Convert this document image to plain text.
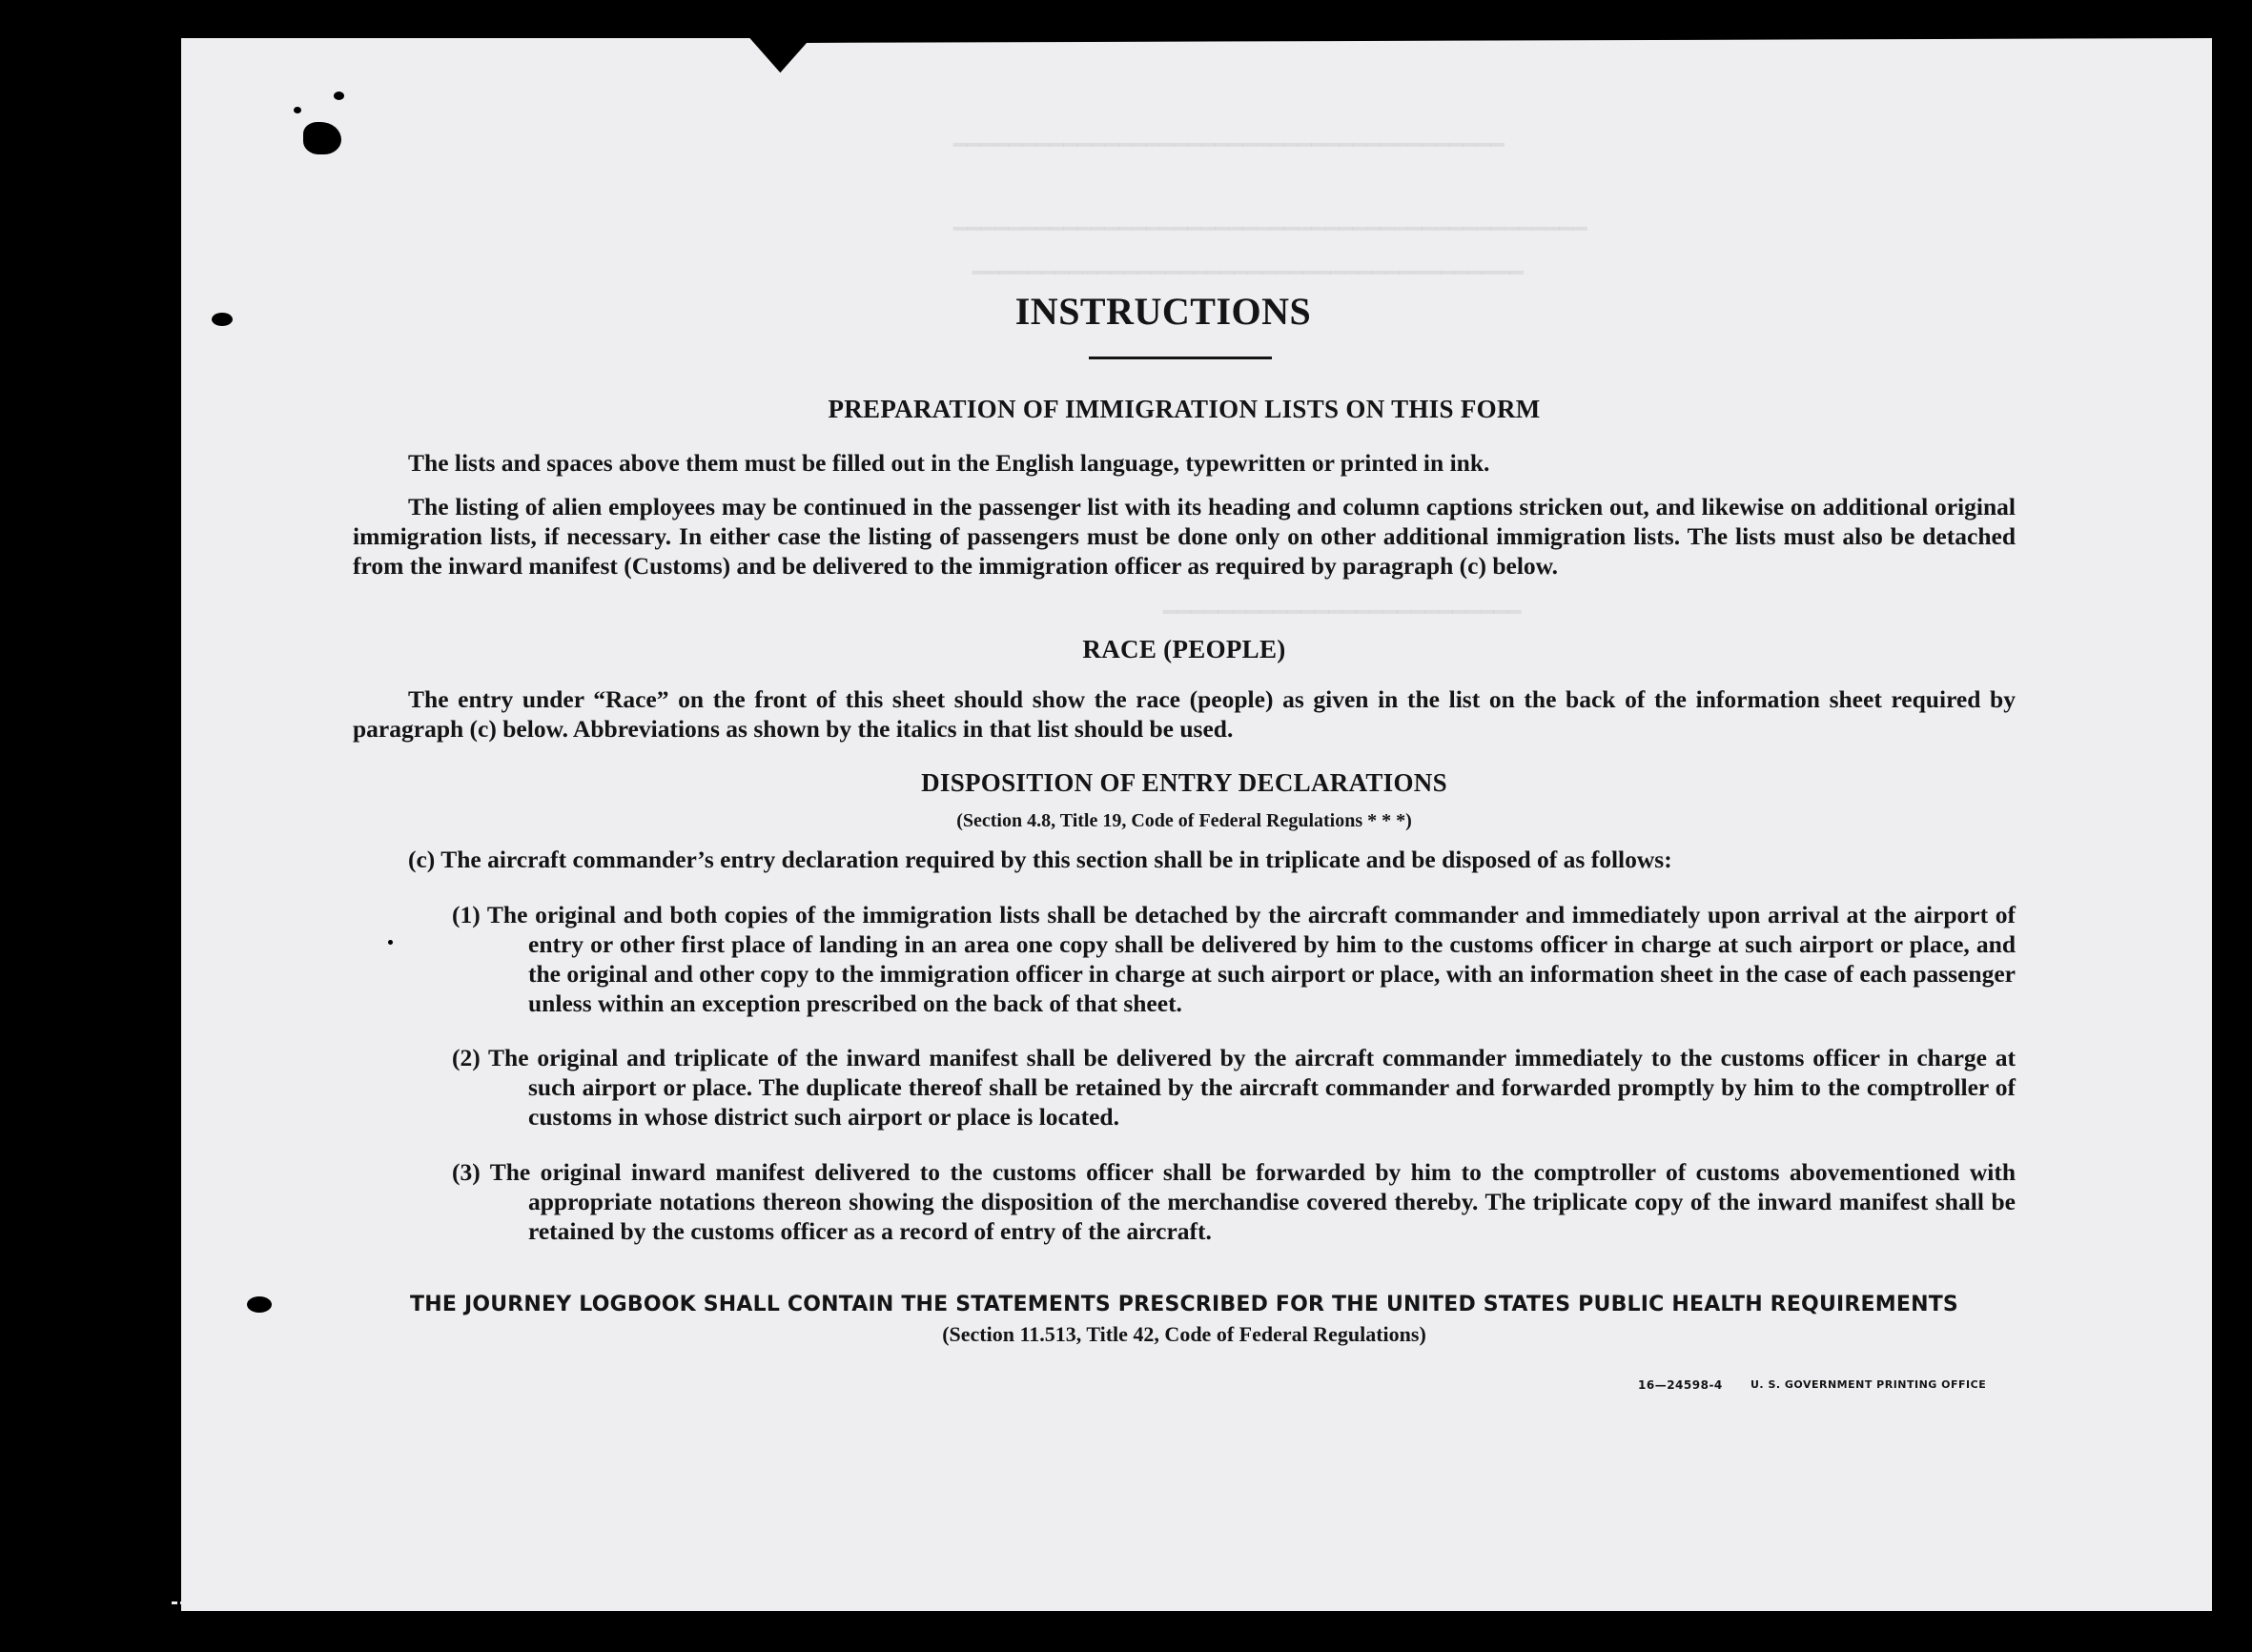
━━━━━━━━━━━━━━━━━━━━━━━━━━━━━━━━━━━━━━━━
━━━━━━━━━━━━━━━━━━━━━━━━━━━━━━━━━━━━━━━━━━━━━━
━━━━━━━━━━━━━━━━━━━━━━━━━━━━━━━━━━━━━━━━
━━━━━━━━━━━━━━━━━━━━━━━━━━
INSTRUCTIONS
PREPARATION OF IMMIGRATION LISTS ON THIS FORM

The lists and spaces above them must be filled out in the English language, typewritten or printed in ink.

The listing of alien employees may be continued in the passenger list with its heading and column captions stricken out, and likewise on additional original immigration lists, if necessary. In either case the listing of passengers must be done only on other additional immigration lists. The lists must also be detached from the inward manifest (Customs) and be delivered to the immigration officer as required by paragraph (c) below.

RACE (PEOPLE)

The entry under “Race” on the front of this sheet should show the race (people) as given in the list on the back of the information sheet required by paragraph (c) below. Abbreviations as shown by the italics in that list should be used.

DISPOSITION OF ENTRY DECLARATIONS
(Section 4.8, Title 19, Code of Federal Regulations * * *)

(c) The aircraft commander’s entry declaration required by this section shall be in triplicate and be disposed of as follows:

(1) The original and both copies of the immigration lists shall be detached by the aircraft commander and immediately upon arrival at the airport of entry or other first place of landing in an area one copy shall be delivered by him to the customs officer in charge at such airport or place, and the original and other copy to the immigration officer in charge at such airport or place, with an information sheet in the case of each passenger unless within an exception prescribed on the back of that sheet.

(2) The original and triplicate of the inward manifest shall be delivered by the aircraft commander immediately to the customs officer in charge at such airport or place. The duplicate thereof shall be retained by the aircraft commander and forwarded promptly by him to the comptroller of customs in whose district such airport or place is located.

(3) The original inward manifest delivered to the customs officer shall be forwarded by him to the comptroller of customs abovementioned with appropriate notations thereon showing the disposition of the merchandise covered thereby. The triplicate copy of the inward manifest shall be retained by the customs officer as a record of entry of the aircraft.

THE JOURNEY LOGBOOK SHALL CONTAIN THE STATEMENTS PRESCRIBED FOR THE UNITED STATES PUBLIC HEALTH REQUIREMENTS
(Section 11.513, Title 42, Code of Federal Regulations)
16—24598-4	U. S. GOVERNMENT PRINTING OFFICE
